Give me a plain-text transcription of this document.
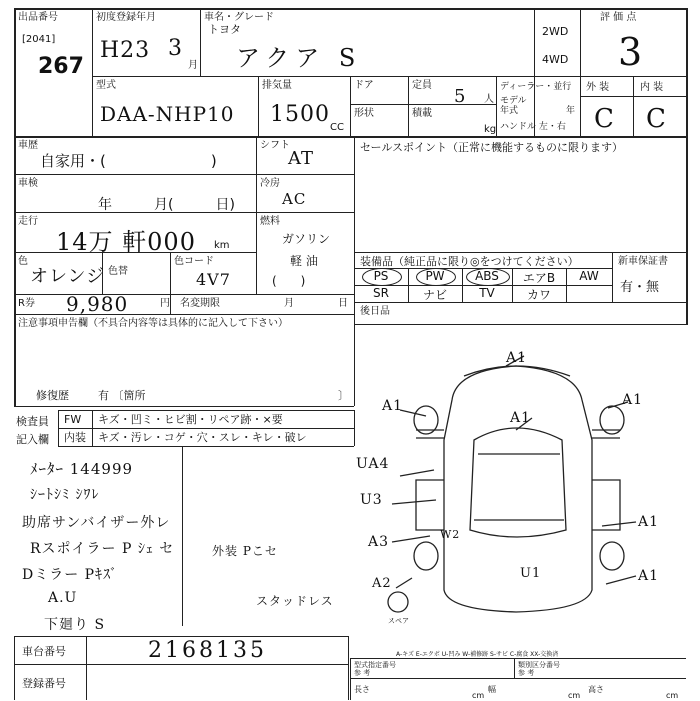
出品番号
[2041]
267
初度登録年月
H23 3
月
車名・グレード
トヨタ
アクア S
2WD
4WD
評 価 点
3
型式
DAA-NHP10
排気量
1500
CC
ドア
形状
定員
5 人
積載
kg
ディーラー・並行
モデル
年式	年
ハンドル 左・右
外 装	内 装
C C
車歴
自家用・(　　　　　　　)
シフト
AT
車検
年　　　月(　　　日)
冷房
AC
走行
14万 軒000 km
燃料
ガソリン
軽 油
(　　)
色
オレンジ 色替
色コード
4V7
R券 9,980	円 名変期限	月	日
セールスポイント（正常に機能するものに限ります）
装備品（純正品に限り◎をつけてください）	新車保証書
有・無
PS	PW	ABS	エアB	AW
SR	ナビ	TV	カワ
後日品
注意事項申告欄（不具合内容等は具体的に記入して下さい）
修復歴	有 〔箇所	〕
検査員
記入欄
FW キズ・凹ミ・ヒビ割・リペア跡・×要
内装 キズ・汚レ・コゲ・穴・スレ・キレ・破レ
ﾒｰﾀｰ 144999
ｼｰﾄｼﾐ ｼﾜﾚ
助席サンバイザー外レ
Rスポイラー P ｼｪ セ
Dミラー Pｷｽﾞ
A.U
下廻り S
外装 Pこセ
スタッドレス
A1
A1	A1
A1
UA4
U3
A3	W2
A1
A1
A2
U1
スペア
車台番号	2168135
登録番号
A-キズ E-エクボ U-凹み W-補修跡 S-サビ C-腐食 XX-交換済
型式指定番号
参 考
類別区分番号
参 考
長さ
cm
幅
cm
高さ
cm
